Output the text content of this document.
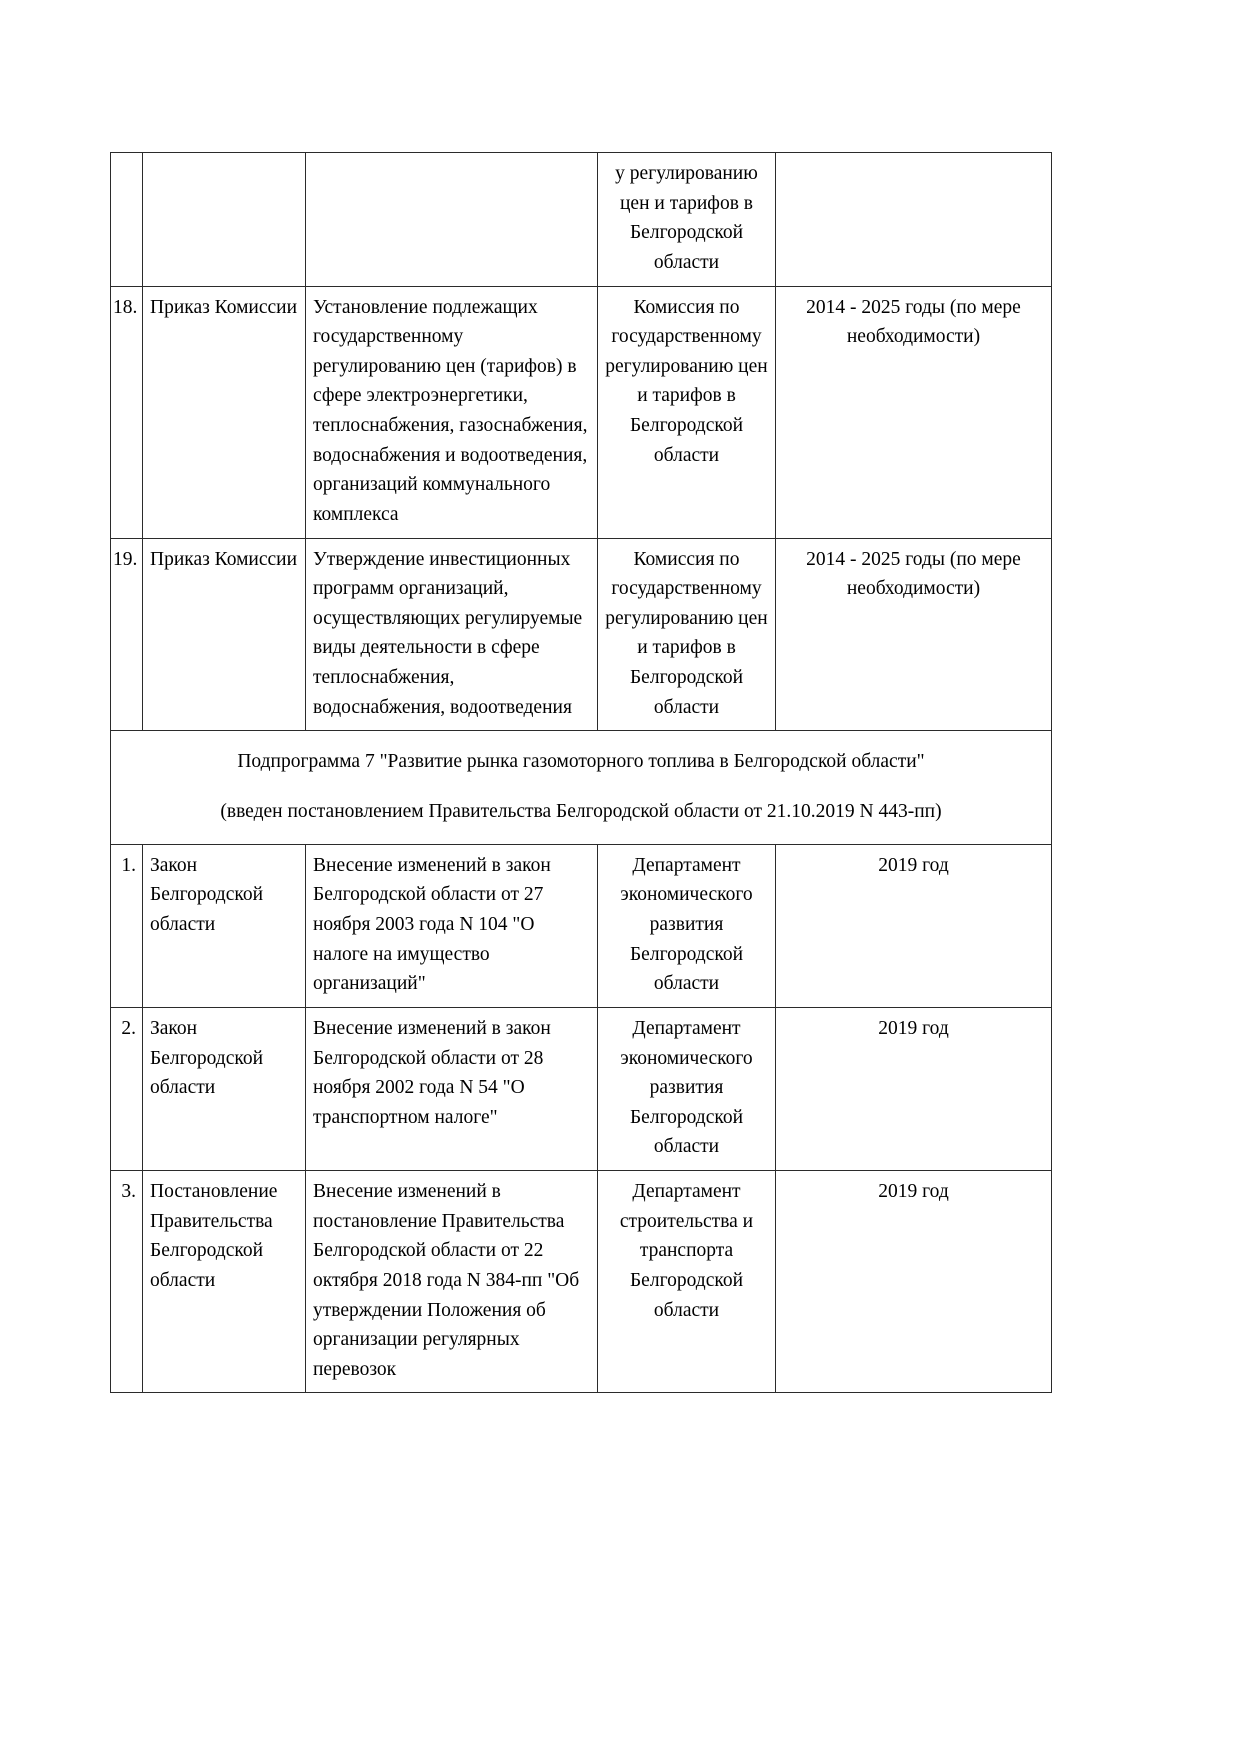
			у регулированию цен и тарифов в Белгородской области	
18.	Приказ Комиссии	Установление подлежащих государственному регулированию цен (тарифов) в сфере электроэнергетики, теплоснабжения, газоснабжения, водоснабжения и водоотведения, организаций коммунального комплекса	Комиссия по государственному регулированию цен и тарифов в Белгородской области	2014 - 2025 годы (по мере необходимости)
19.	Приказ Комиссии	Утверждение инвестиционных программ организаций, осуществляющих регулируемые виды деятельности в сфере теплоснабжения, водоснабжения, водоотведения	Комиссия по государственному регулированию цен и тарифов в Белгородской области	2014 - 2025 годы (по мере необходимости)

Подпрограмма 7 "Развитие рынка газомоторного топлива в Белгородской области"
(введен постановлением Правительства Белгородской области от 21.10.2019 N 443-пп)				

1.	Закон Белгородской области	Внесение изменений в закон Белгородской области от 27 ноября 2003 года N 104 "О налоге на имущество организаций"	Департамент экономического развития Белгородской области	2019 год
2.	Закон Белгородской области	Внесение изменений в закон Белгородской области от 28 ноября 2002 года N 54 "О транспортном налоге"	Департамент экономического развития Белгородской области	2019 год
3.	Постановление Правительства Белгородской области	Внесение изменений в постановление Правительства Белгородской области от 22 октября 2018 года N 384-пп "Об утверждении Положения об организации регулярных перевозок	Департамент строительства и транспорта Белгородской области	2019 год
